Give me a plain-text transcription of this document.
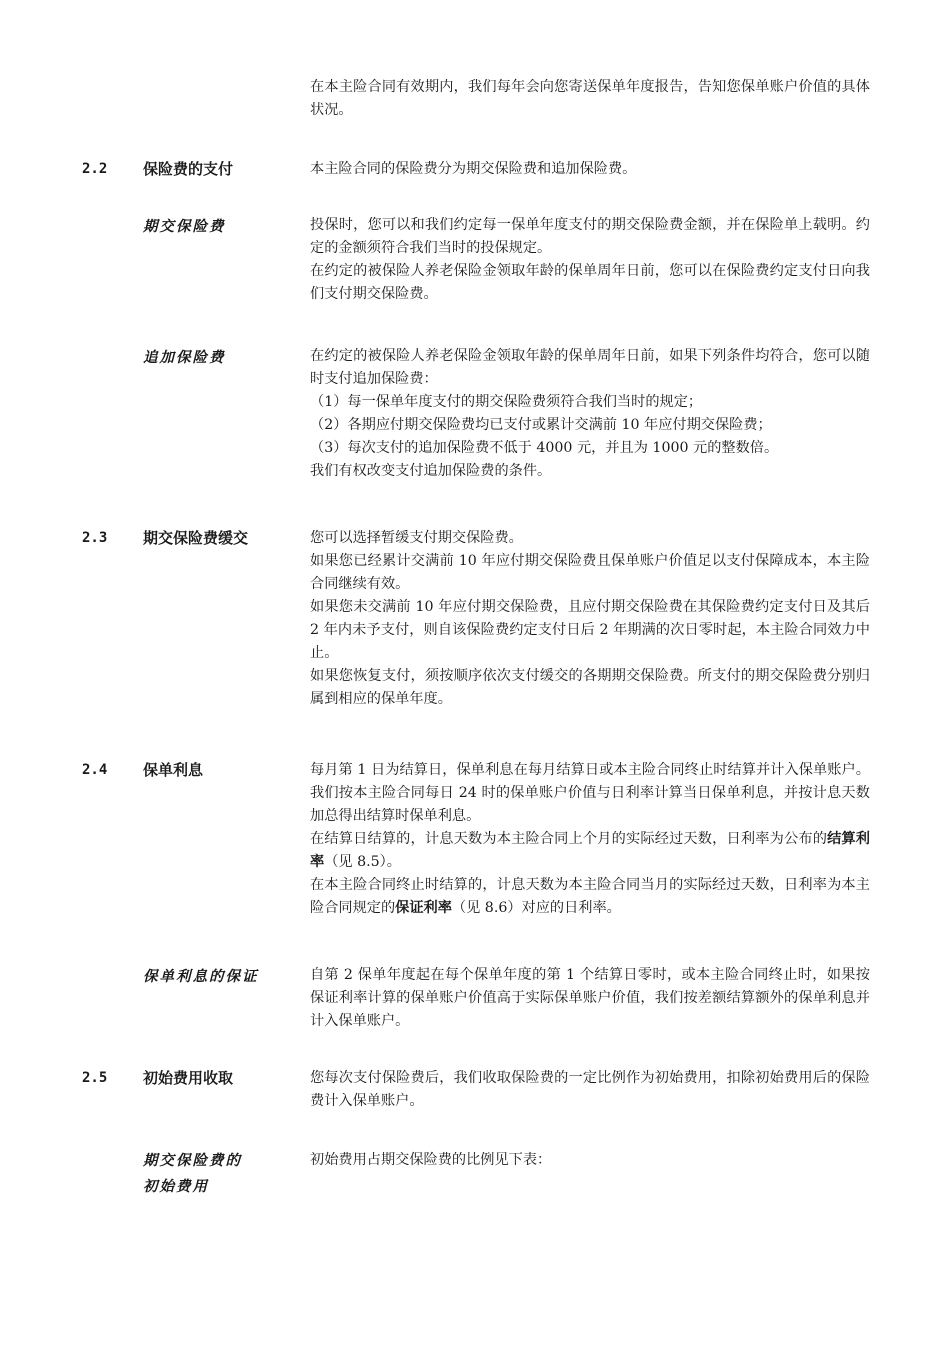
在本主险合同有效期内，我们每年会向您寄送保单年度报告，告知您保单账户价值的具体状况。

2.2 保险费的支付	本主险合同的保险费分为期交保险费和追加保险费。

期交保险费	投保时，您可以和我们约定每一保单年度支付的期交保险费金额，并在保险单上载明。约定的金额须符合我们当时的投保规定。

在约定的被保险人养老保险金领取年龄的保单周年日前，您可以在保险费约定支付日向我们支付期交保险费。

追加保险费	在约定的被保险人养老保险金领取年龄的保单周年日前，如果下列条件均符合，您可以随时支付追加保险费：

（1）每一保单年度支付的期交保险费须符合我们当时的规定；

（2）各期应付期交保险费均已支付或累计交满前 10 年应付期交保险费；

（3）每次支付的追加保险费不低于 4000 元，并且为 1000 元的整数倍。

我们有权改变支付追加保险费的条件。

2.3 期交保险费缓交	您可以选择暂缓支付期交保险费。

如果您已经累计交满前 10 年应付期交保险费且保单账户价值足以支付保障成本，本主险合同继续有效。

如果您未交满前 10 年应付期交保险费，且应付期交保险费在其保险费约定支付日及其后 2 年内未予支付，则自该保险费约定支付日后 2 年期满的次日零时起，本主险合同效力中止。

如果您恢复支付，须按顺序依次支付缓交的各期期交保险费。所支付的期交保险费分别归属到相应的保单年度。

2.4 保单利息	每月第 1 日为结算日，保单利息在每月结算日或本主险合同终止时结算并计入保单账户。我们按本主险合同每日 24 时的保单账户价值与日利率计算当日保单利息，并按计息天数加总得出结算时保单利息。

在结算日结算的，计息天数为本主险合同上个月的实际经过天数，日利率为公布的结算利率（见 8.5）。

在本主险合同终止时结算的，计息天数为本主险合同当月的实际经过天数，日利率为本主险合同规定的保证利率（见 8.6）对应的日利率。

保单利息的保证	自第 2 保单年度起在每个保单年度的第 1 个结算日零时，或本主险合同终止时，如果按保证利率计算的保单账户价值高于实际保单账户价值，我们按差额结算额外的保单利息并计入保单账户。

2.5 初始费用收取	您每次支付保险费后，我们收取保险费的一定比例作为初始费用，扣除初始费用后的保险费计入保单账户。

期交保险费的
初始费用

初始费用占期交保险费的比例见下表：
